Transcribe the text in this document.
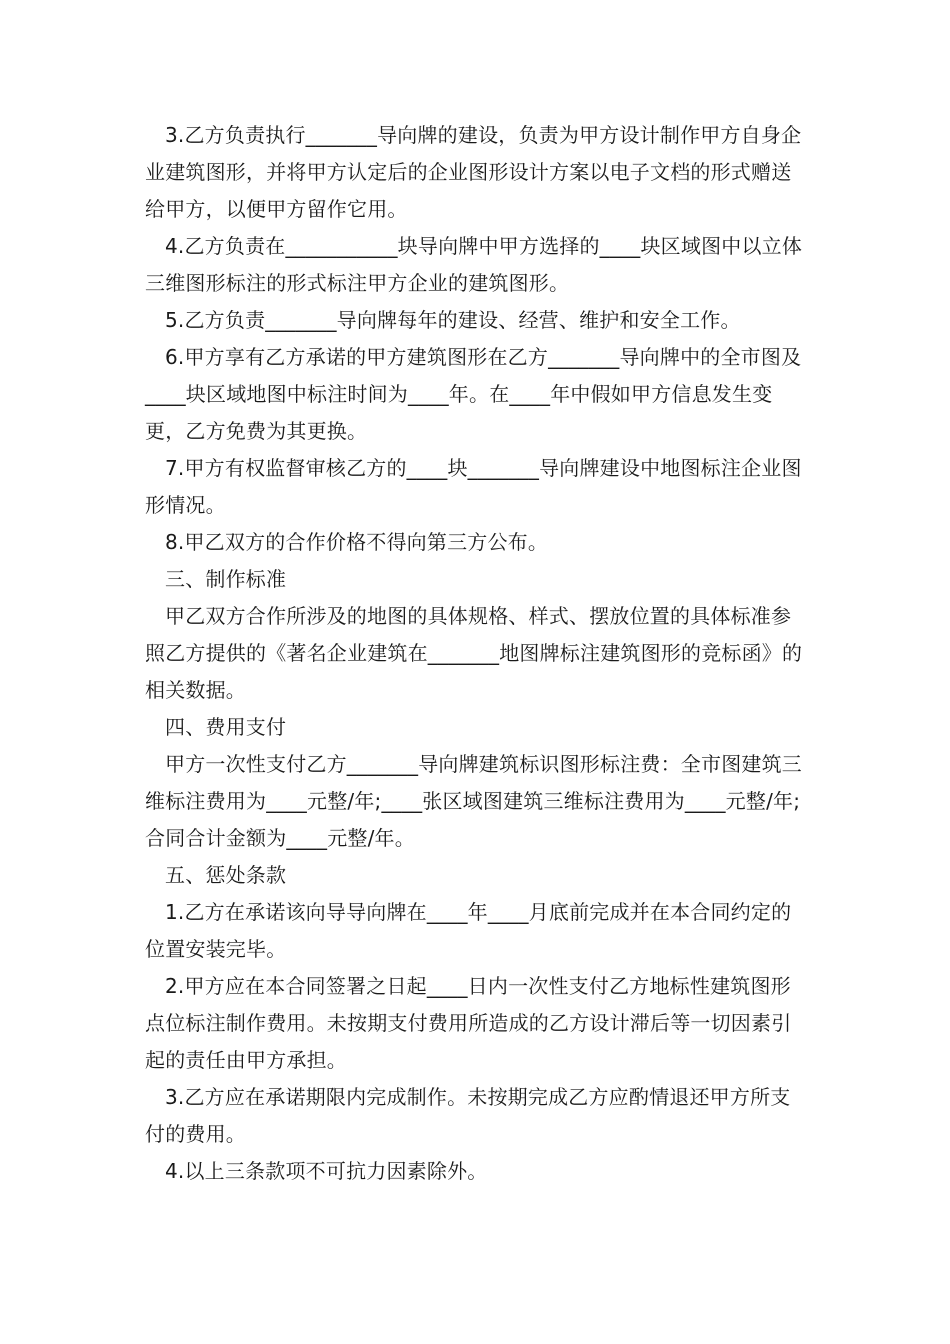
3.乙方负责执行_______导向牌的建设，负责为甲方设计制作甲方自身企业建筑图形，并将甲方认定后的企业图形设计方案以电子文档的形式赠送给甲方，以便甲方留作它用。

4.乙方负责在___________块导向牌中甲方选择的____块区域图中以立体三维图形标注的形式标注甲方企业的建筑图形。

5.乙方负责_______导向牌每年的建设、经营、维护和安全工作。

6.甲方享有乙方承诺的甲方建筑图形在乙方_______导向牌中的全市图及____块区域地图中标注时间为____年。在____年中假如甲方信息发生变更，乙方免费为其更换。

7.甲方有权监督审核乙方的____块_______导向牌建设中地图标注企业图形情况。

8.甲乙双方的合作价格不得向第三方公布。

三、制作标准

甲乙双方合作所涉及的地图的具体规格、样式、摆放位置的具体标准参照乙方提供的《著名企业建筑在_______地图牌标注建筑图形的竞标函》的相关数据。

四、费用支付

甲方一次性支付乙方_______导向牌建筑标识图形标注费：全市图建筑三维标注费用为____元整/年;____张区域图建筑三维标注费用为____元整/年;合同合计金额为____元整/年。

五、惩处条款

1.乙方在承诺该向导导向牌在____年____月底前完成并在本合同约定的位置安装完毕。

2.甲方应在本合同签署之日起____日内一次性支付乙方地标性建筑图形点位标注制作费用。未按期支付费用所造成的乙方设计滞后等一切因素引起的责任由甲方承担。

3.乙方应在承诺期限内完成制作。未按期完成乙方应酌情退还甲方所支付的费用。

4.以上三条款项不可抗力因素除外。
